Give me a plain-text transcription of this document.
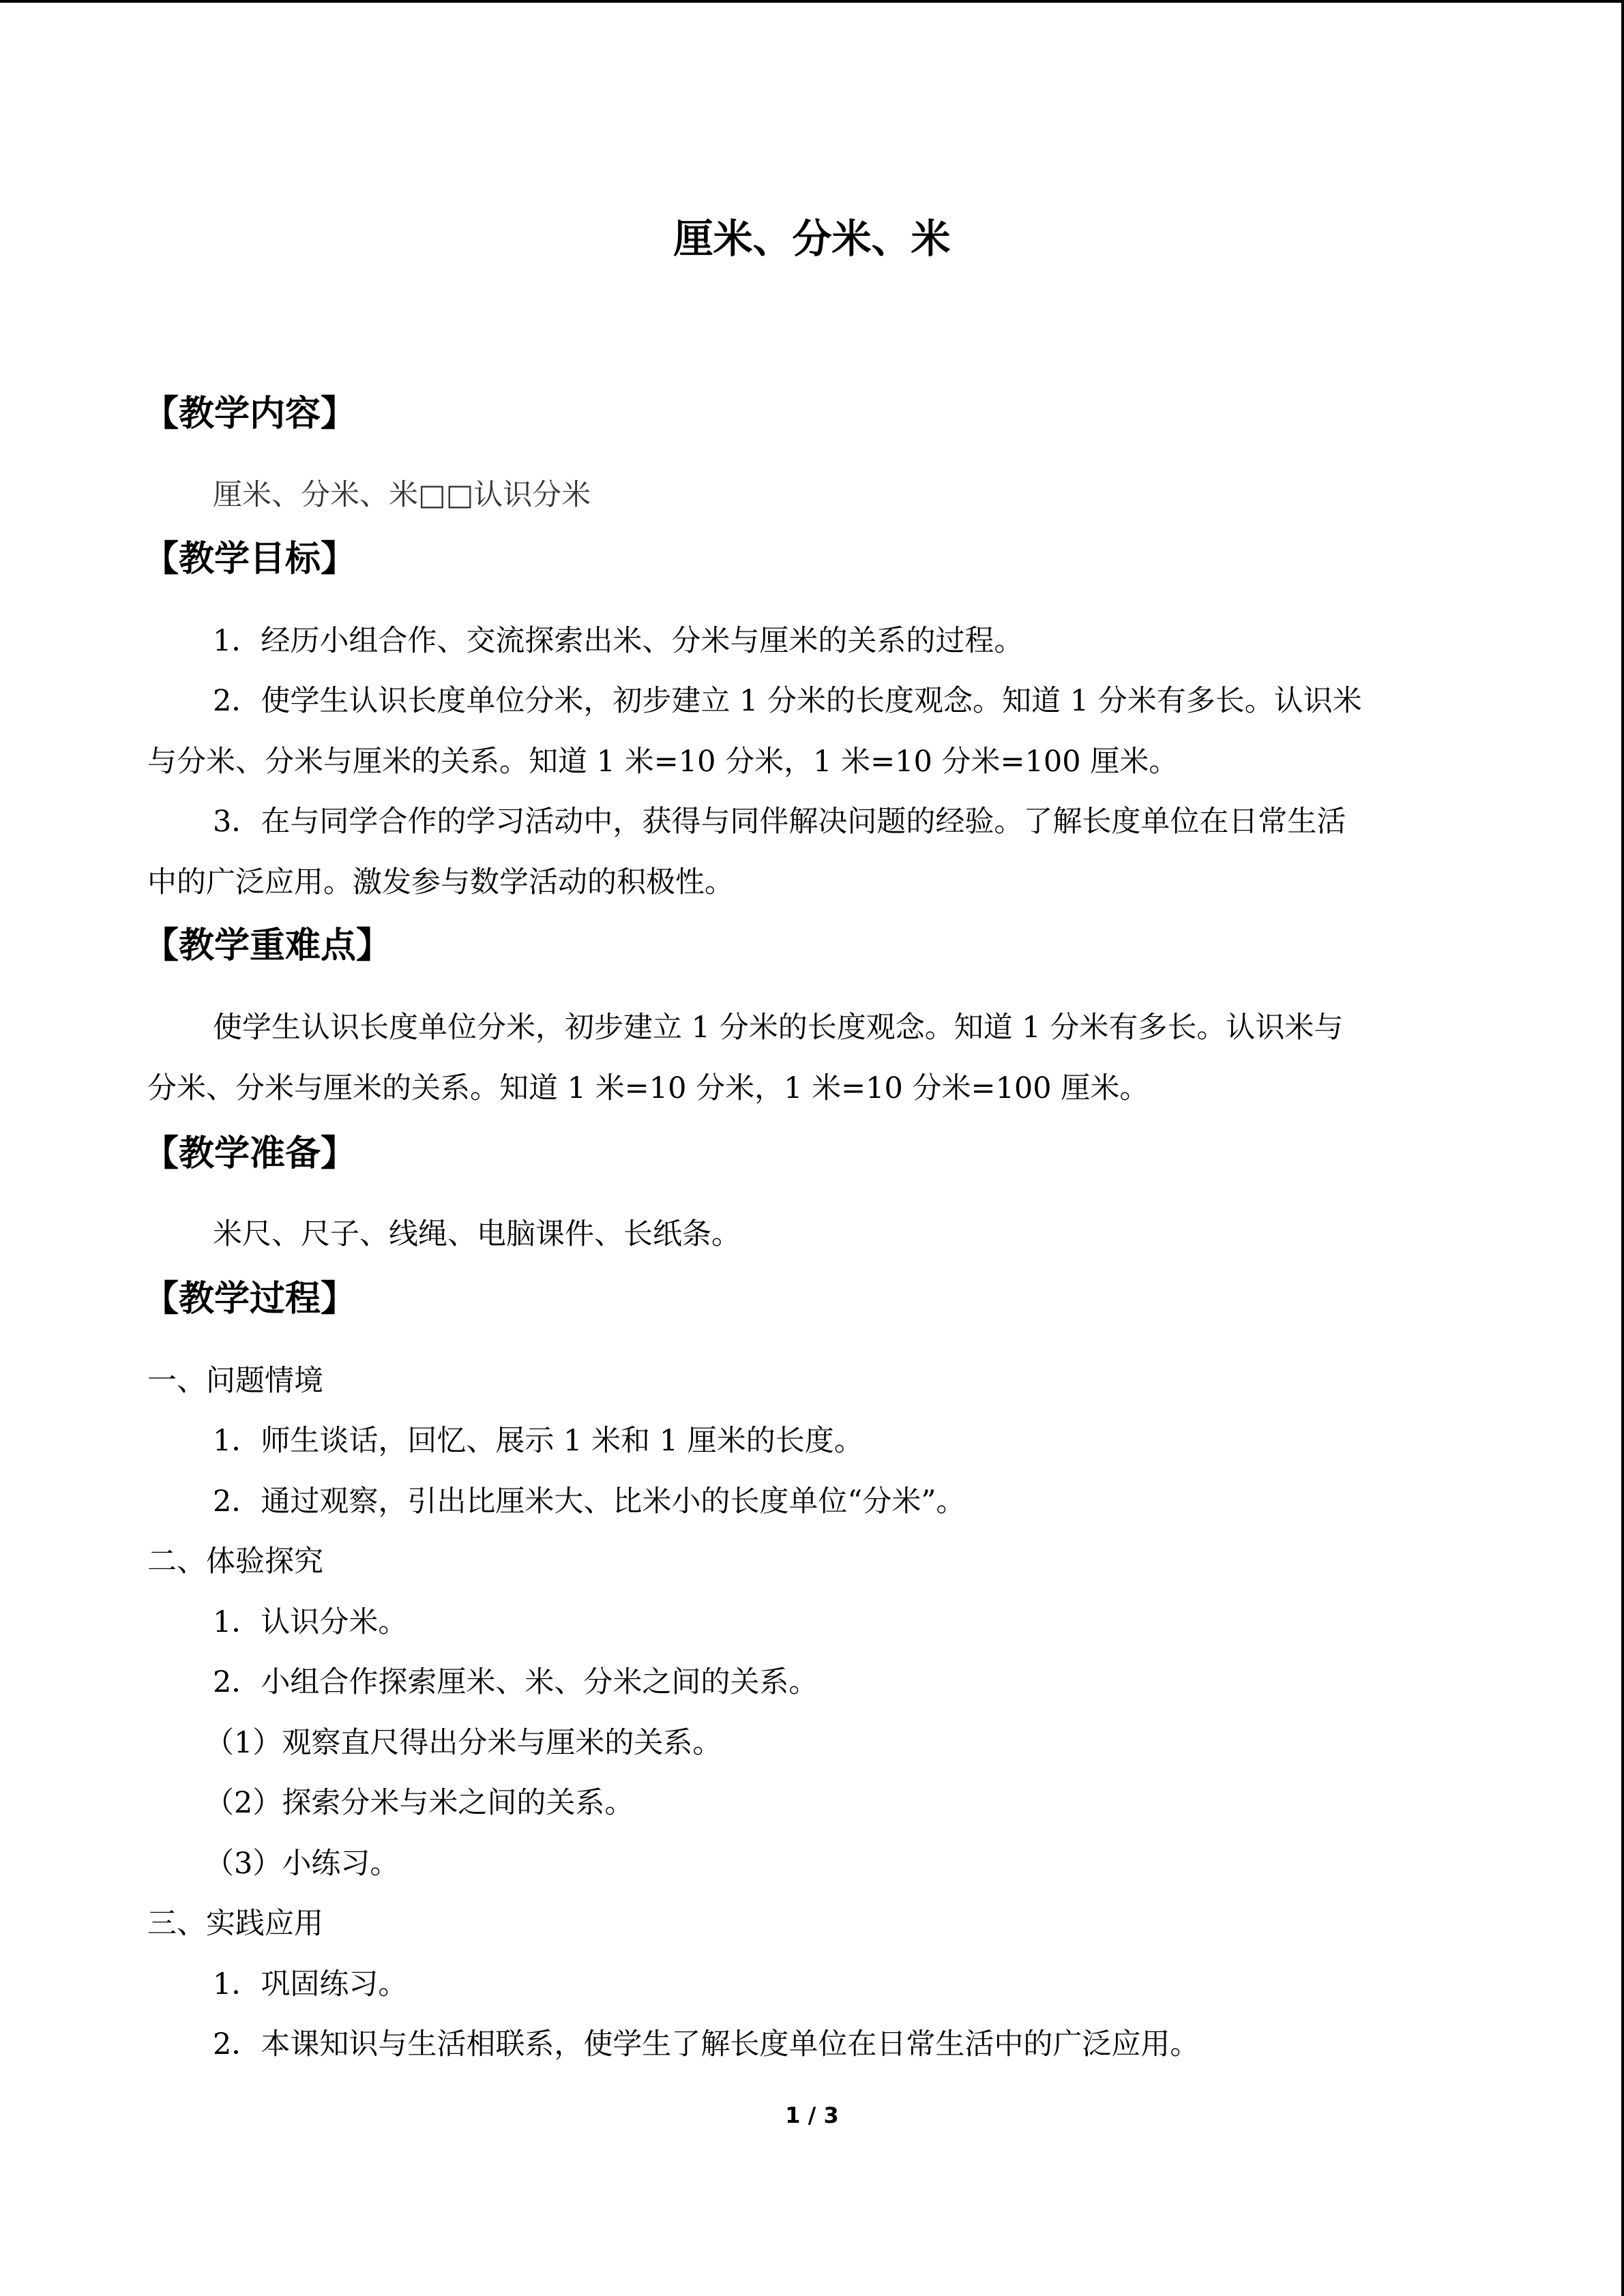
厘米、分米、米
【教学内容】
厘米、分米、米□□认识分米
【教学目标】
1．经历小组合作、交流探索出米、分米与厘米的关系的过程。
2．使学生认识长度单位分米，初步建立 1 分米的长度观念。知道 1 分米有多长。认识米
与分米、分米与厘米的关系。知道 1 米=10 分米，1 米=10 分米=100 厘米。
3．在与同学合作的学习活动中，获得与同伴解决问题的经验。了解长度单位在日常生活
中的广泛应用。激发参与数学活动的积极性。
【教学重难点】
使学生认识长度单位分米，初步建立 1 分米的长度观念。知道 1 分米有多长。认识米与
分米、分米与厘米的关系。知道 1 米=10 分米，1 米=10 分米=100 厘米。
【教学准备】
米尺、尺子、线绳、电脑课件、长纸条。
【教学过程】
一、问题情境
1．师生谈话，回忆、展示 1 米和 1 厘米的长度。
2．通过观察，引出比厘米大、比米小的长度单位“分米”。
二、体验探究
1．认识分米。
2．小组合作探索厘米、米、分米之间的关系。
（1）观察直尺得出分米与厘米的关系。
（2）探索分米与米之间的关系。
（3）小练习。
三、实践应用
1．巩固练习。
2．本课知识与生活相联系，使学生了解长度单位在日常生活中的广泛应用。
1 / 3
